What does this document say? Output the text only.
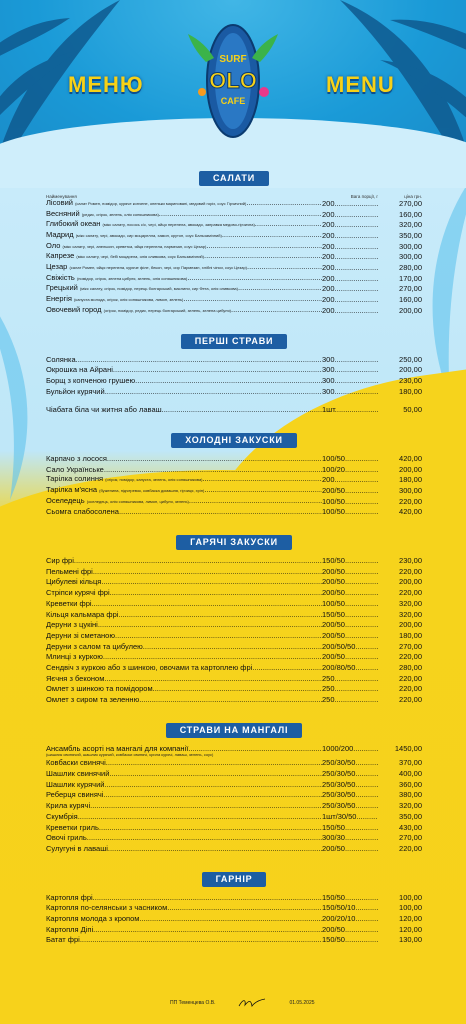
МЕНЮ	MENU
SURF
OLO
CAFE
САЛАТИ
Найменування	Вага порції, г	ціна грн.
Лісовий (салат Ромен, помідор, куряче копчене, опеньки мариновані, медовий горіх, соус Гірчичний) .....	200 .....	270,00
Весняний (редис, огірок, зелень, олія соняшникова) .....	200 .....	160,00
Глибокий океан (мікс салату, лосось с/с, чері, яйця перепела, авокадо, заправка медово-гірчична) .....	200 .....	320,00
Мадрид (мікс салату, чері, авокадо, сир моцарелла, хамон, крутон, соус Бальзамічний) .....	200 .....	350,00
Оло (мікс салату, чері, апельсин, креветка, яйця перепела, пармезан, соус Цезар) .....	200 .....	300,00
Капрезе (мікс салату, чері, бебі моцарела, олія оливкова, соус Бальзамічний) .....	200 .....	300,00
Цезар (салат Ромен, яйця перепела, куряче філе, бекон, чері, сир Пармезан, хлібні чіпси, соус Цезар) .....	200 .....	280,00
Свіжість (помідор, огірок, зелена цибуля, зелень, олія соняшникова) .....	200 .....	170,00
Грецький (мікс салату, огірок, помідор, перець болгарський, маслини, сир Фета, олія оливкова) .....	200 .....	270,00
Енергія (капуста молода, огірок, олія соняшникова, лимон, зелень) .....	200 .....	160,00
Овочевий город (огірок, помідор, редис, перець болгарський, зелень, зелена цибуля) .....	200 .....	200,00
ПЕРШІ СТРАВИ
Солянка .....	300 .....	250,00
Окрошка на Айрані .....	300 .....	200,00
Борщ з копченою грушею .....	300 .....	230,00
Бульйон курячий .....	300 .....	180,00
Чіабата біла чи житня або лаваш .....	1шт .....	50,00
ХОЛОДНІ ЗАКУСКИ
Карпачо з лосося .....	100/50 .....	420,00
Сало Українське .....	100/20 .....	200,00
Тарілка солиння (огірок, помідор, капуста, зелень, олія соняшникова) .....	200 .....	180,00
Тарілка м'ясна (буженина, підчеревок, ковбаска домашня, гірчиця, хрін) .....	200/50 .....	300,00
Оселедець (оселедець, олія соняшникова, лимон, цибуля, зелень) .....	100/50 .....	220,00
Сьомга слабосолена .....	100/50 .....	420,00
ГАРЯЧІ ЗАКУСКИ
Сир фрі .....	150/50 .....	230,00
Пельмені фрі .....	200/50 .....	220,00
Цибулеві кільця .....	200/50 .....	200,00
Стріпси курячі фрі .....	200/50 .....	220,00
Креветки фрі .....	100/50 .....	320,00
Кільця кальмара фрі .....	150/50 .....	320,00
Деруни з цукіні .....	200/50 .....	200,00
Деруни зі сметаною .....	200/50 .....	180,00
Деруни з салом та цибулею .....	200/50/50 .....	270,00
Млинці з куркою .....	200/50 .....	220,00
Сендвіч з куркою або з шинкою, овочами та картоплею фрі .....	200/80/50 .....	280,00
Яєчня з беконом .....	250 .....	220,00
Омлет з шинкою та помідором .....	250 .....	220,00
Омлет з сиром та зеленню .....	250 .....	220,00
СТРАВИ НА МАНГАЛІ
Ансамбль асорті на мангалі для компанії .....	1000/200 .....	1450,00
(шашлик свинячий, шашлик курячий, ковбаски свинячі, крила курячі, лаваш, зелень, соус)
Ковбаски свинячі .....	250/30/50 .....	370,00
Шашлик свинячий .....	250/30/50 .....	400,00
Шашлик курячий .....	250/30/50 .....	360,00
Реберця свинячі .....	250/30/50 .....	380,00
Крила курячі .....	250/30/50 .....	320,00
Скумбрія .....	1шт/30/50 .....	350,00
Креветки гриль .....	150/50 .....	430,00
Овочі гриль .....	300/30 .....	270,00
Сулугуні в лаваші .....	200/50 .....	220,00
ГАРНІР
Картопля фрі .....	150/50 .....	100,00
Картопля по-селянськи з часником .....	150/50/10 .....	100,00
Картопля молода з кропом .....	200/20/10 .....	120,00
Картопля Діпі .....	200/50 .....	120,00
Батат фрі .....	150/50 .....	130,00
ПП Теменцева О.В.	01.05.2025
